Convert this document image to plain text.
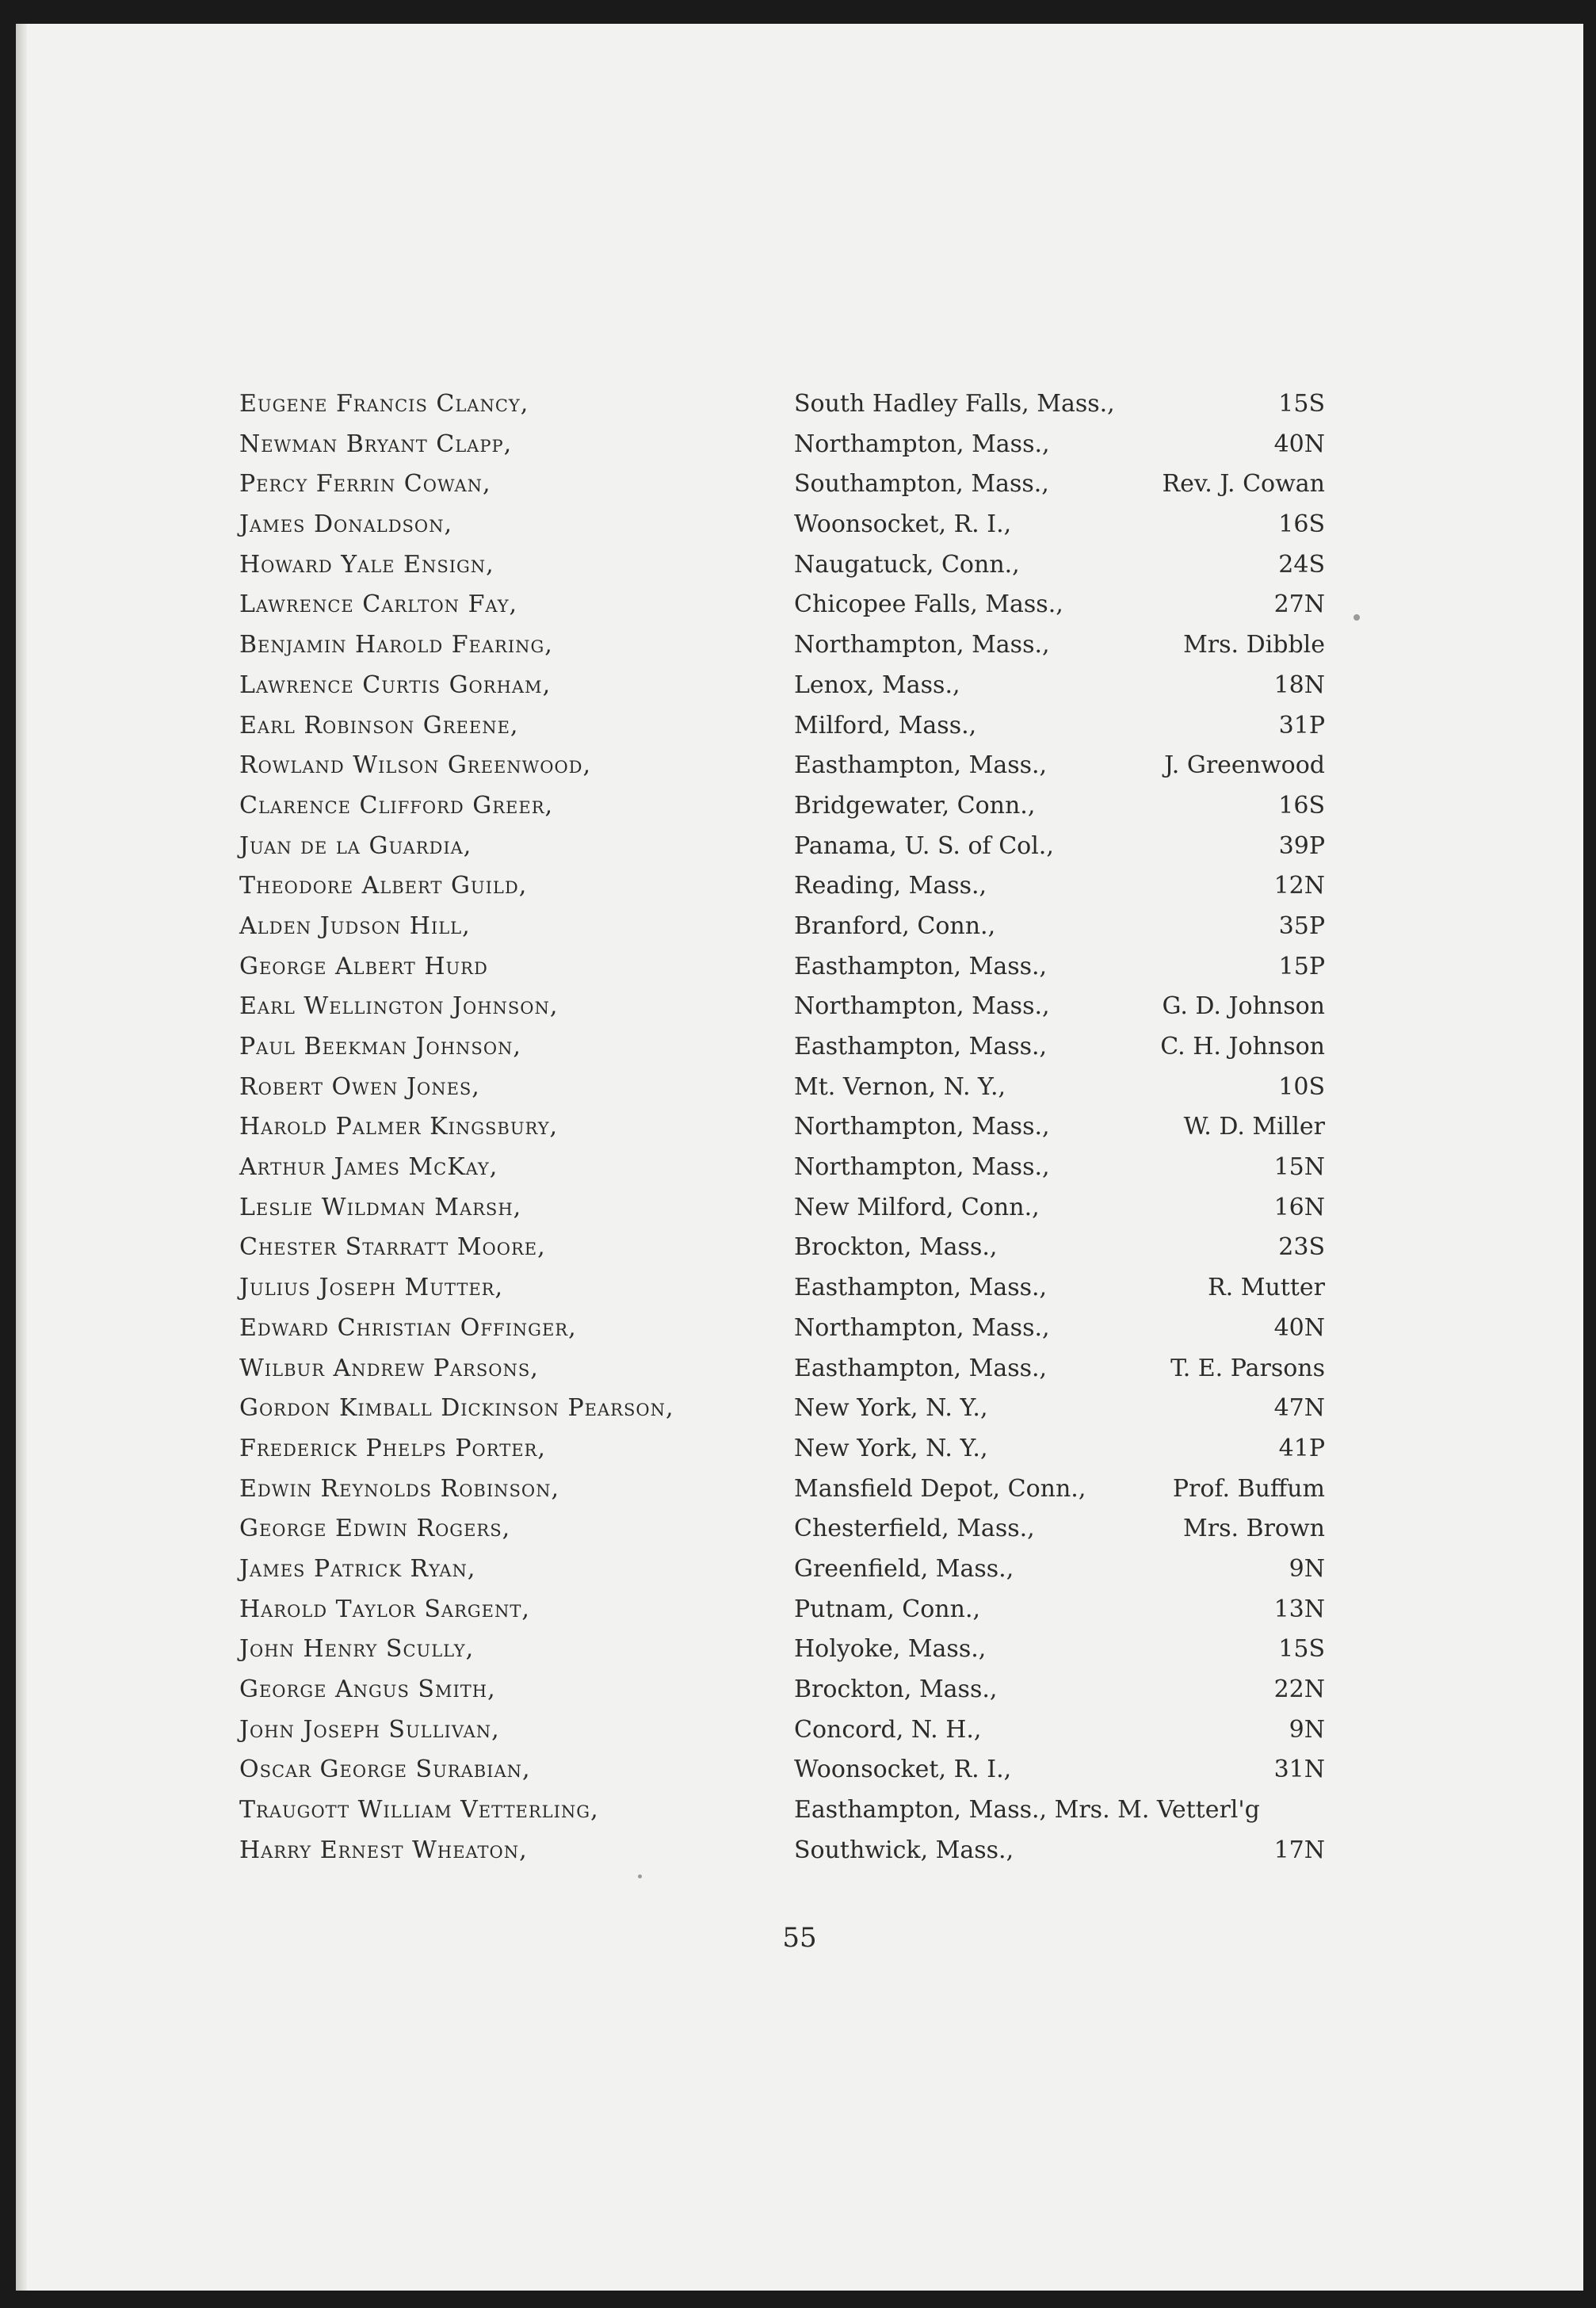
Eugene Francis Clancy,	South Hadley Falls, Mass.,	15S
Newman Bryant Clapp,	Northampton, Mass.,	40N
Percy Ferrin Cowan,	Southampton, Mass.,	Rev. J. Cowan
James Donaldson,	Woonsocket, R. I.,	16S
Howard Yale Ensign,	Naugatuck, Conn.,	24S
Lawrence Carlton Fay,	Chicopee Falls, Mass.,	27N
Benjamin Harold Fearing,	Northampton, Mass.,	Mrs. Dibble
Lawrence Curtis Gorham,	Lenox, Mass.,	18N
Earl Robinson Greene,	Milford, Mass.,	31P
Rowland Wilson Greenwood,	Easthampton, Mass.,	J. Greenwood
Clarence Clifford Greer,	Bridgewater, Conn.,	16S
Juan de la Guardia,	Panama, U. S. of Col.,	39P
Theodore Albert Guild,	Reading, Mass.,	12N
Alden Judson Hill,	Branford, Conn.,	35P
George Albert Hurd	Easthampton, Mass.,	15P
Earl Wellington Johnson,	Northampton, Mass.,	G. D. Johnson
Paul Beekman Johnson,	Easthampton, Mass.,	C. H. Johnson
Robert Owen Jones,	Mt. Vernon, N. Y.,	10S
Harold Palmer Kingsbury,	Northampton, Mass.,	W. D. Miller
Arthur James McKay,	Northampton, Mass.,	15N
Leslie Wildman Marsh,	New Milford, Conn.,	16N
Chester Starratt Moore,	Brockton, Mass.,	23S
Julius Joseph Mutter,	Easthampton, Mass.,	R. Mutter
Edward Christian Offinger,	Northampton, Mass.,	40N
Wilbur Andrew Parsons,	Easthampton, Mass.,	T. E. Parsons
Gordon Kimball Dickinson Pearson,	New York, N. Y.,	47N
Frederick Phelps Porter,	New York, N. Y.,	41P
Edwin Reynolds Robinson,	Mansfield Depot, Conn.,	Prof. Buffum
George Edwin Rogers,	Chesterfield, Mass.,	Mrs. Brown
James Patrick Ryan,	Greenfield, Mass.,	9N
Harold Taylor Sargent,	Putnam, Conn.,	13N
John Henry Scully,	Holyoke, Mass.,	15S
George Angus Smith,	Brockton, Mass.,	22N
John Joseph Sullivan,	Concord, N. H.,	9N
Oscar George Surabian,	Woonsocket, R. I.,	31N
Traugott William Vetterling,	Easthampton, Mass., Mrs. M. Vetterl'g
Harry Ernest Wheaton,	Southwick, Mass.,	17N
55
